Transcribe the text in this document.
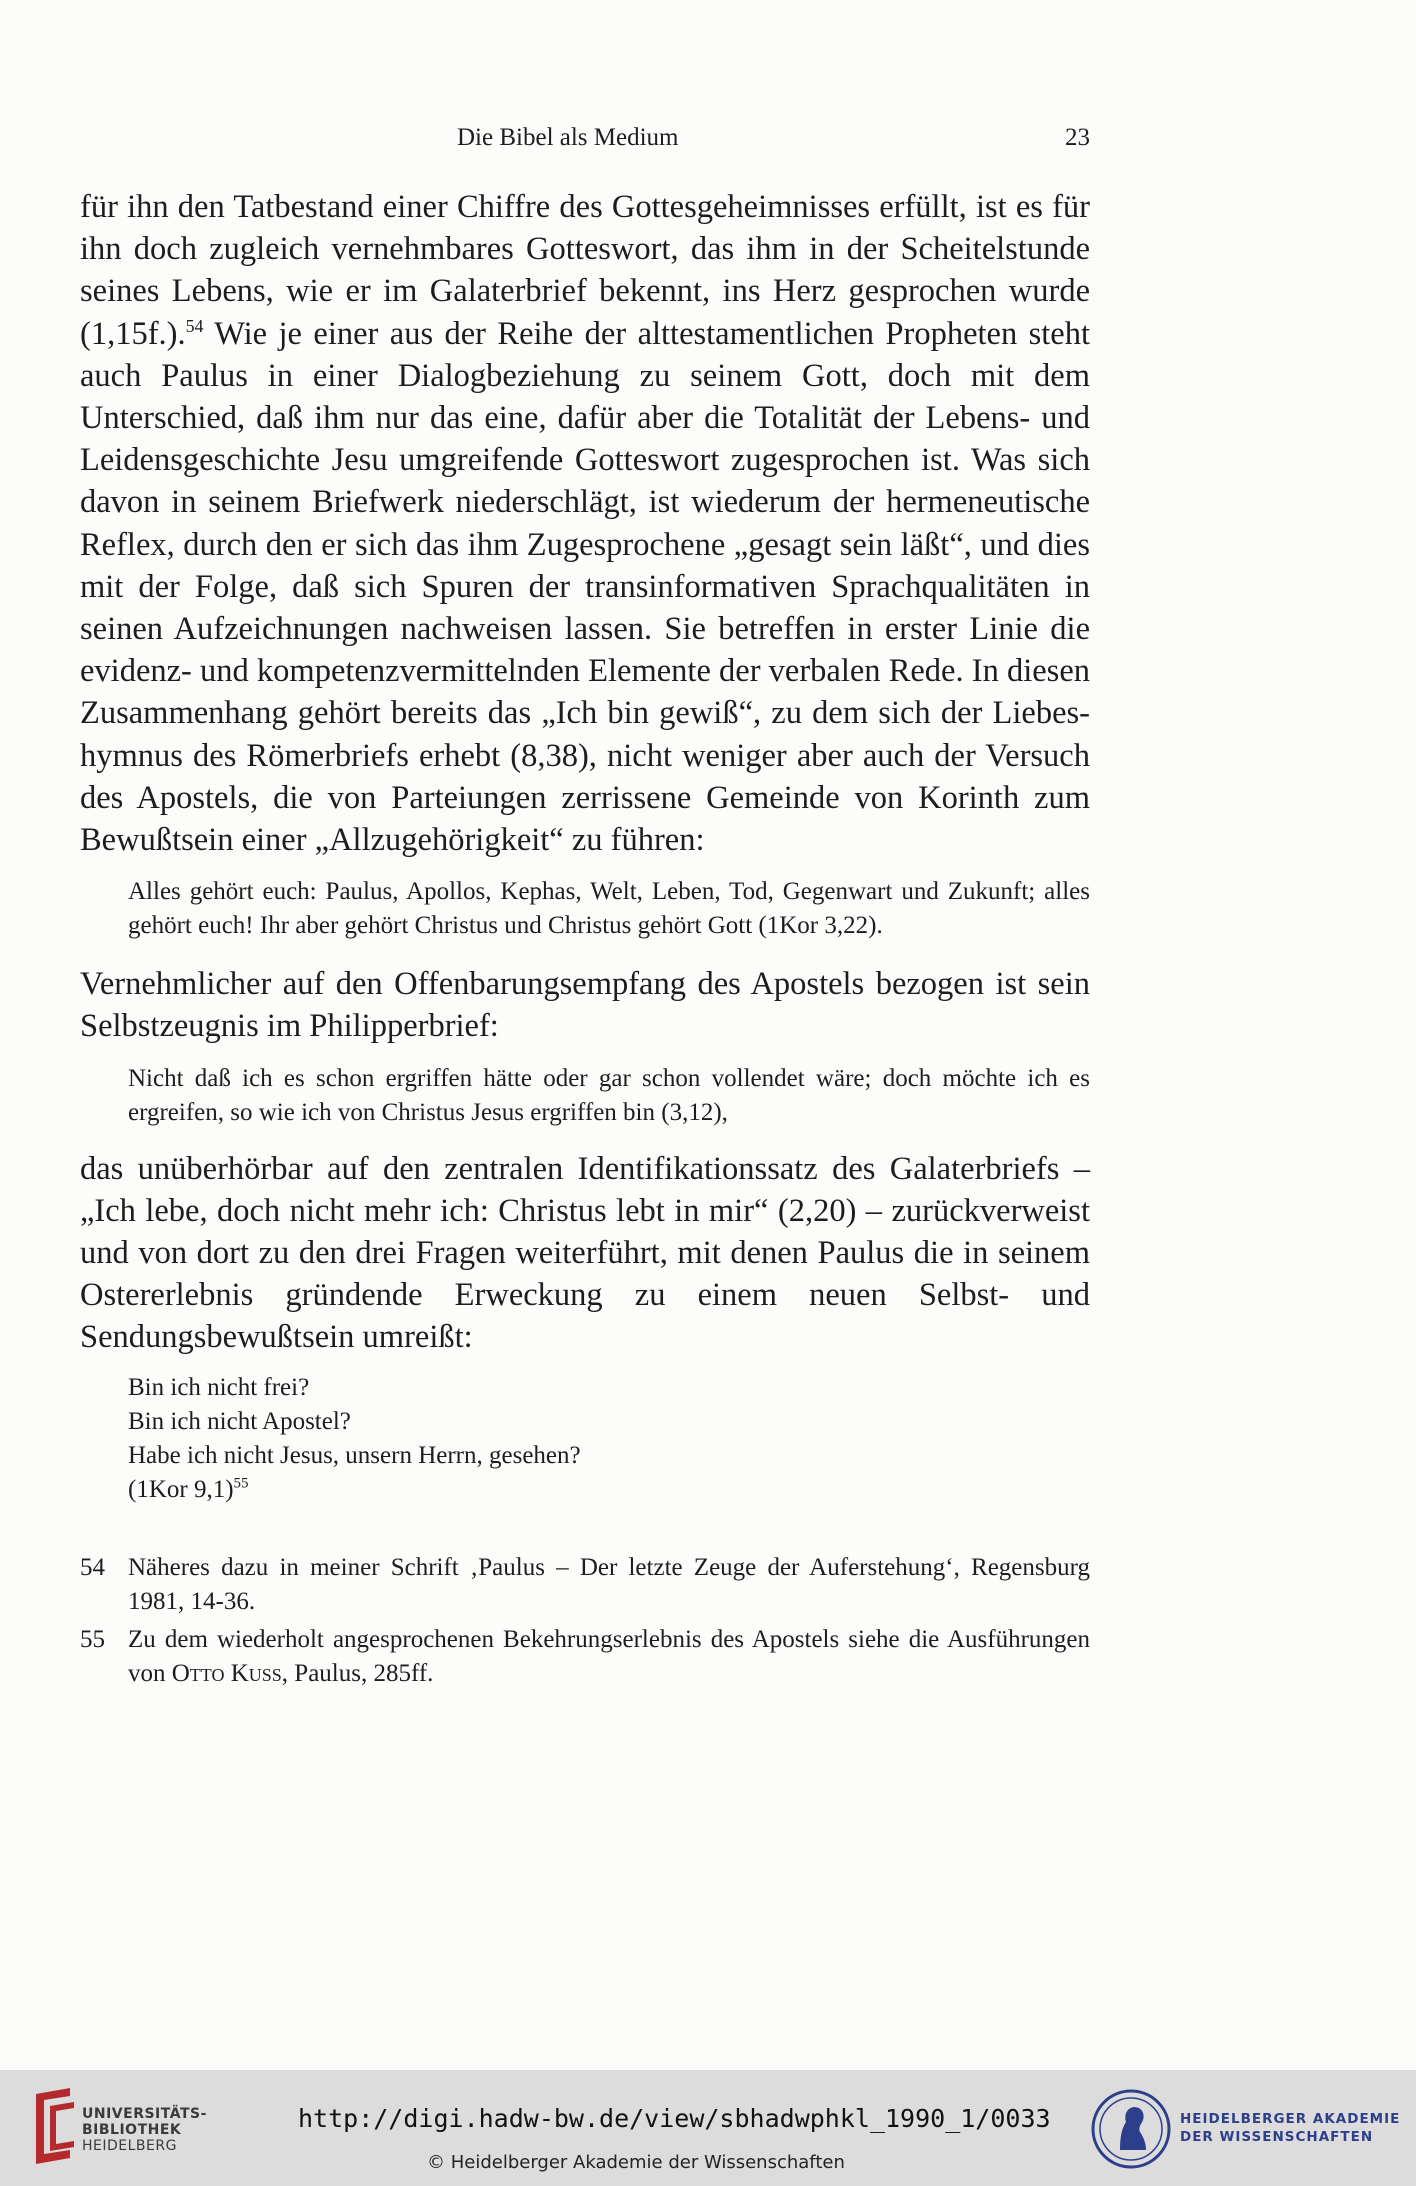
Die Bibel als Medium	23

für ihn den Tatbestand einer Chiffre des Gottesgeheimnisses erfüllt, ist es für ihn doch zugleich vernehmbares Gotteswort, das ihm in der Scheitelstunde seines Lebens, wie er im Galaterbrief bekennt, ins Herz gesprochen wurde (1,15f.).$^{54}$ Wie je einer aus der Reihe der alttestamentlichen Propheten steht auch Paulus in einer Dialogbeziehung zu seinem Gott, doch mit dem Unterschied, daß ihm nur das eine, dafür aber die Totalität der Lebens- und Leidensgeschichte Jesu umgreifende Gotteswort zugesprochen ist. Was sich davon in seinem Briefwerk niederschlägt, ist wiederum der hermeneutische Reflex, durch den er sich das ihm Zugesprochene „gesagt sein läßt“, und dies mit der Folge, daß sich Spuren der transinformativen Sprachqualitäten in seinen Aufzeichnungen nachweisen lassen. Sie betreffen in erster Linie die evidenz- und kompetenzvermittelnden Elemente der verbalen Rede. In diesen Zusammenhang gehört bereits das „Ich bin gewiß“, zu dem sich der Liebeshymnus des Römerbriefs erhebt (8,38), nicht weniger aber auch der Versuch des Apostels, die von Parteiungen zerrissene Gemeinde von Korinth zum Bewußtsein einer „Allzugehörigkeit“ zu führen:

Alles gehört euch: Paulus, Apollos, Kephas, Welt, Leben, Tod, Gegenwart und Zukunft; alles gehört euch! Ihr aber gehört Christus und Christus gehört Gott (1Kor 3,22).

Vernehmlicher auf den Offenbarungsempfang des Apostels bezogen ist sein Selbstzeugnis im Philipperbrief:

Nicht daß ich es schon ergriffen hätte oder gar schon vollendet wäre; doch möchte ich es ergreifen, so wie ich von Christus Jesus ergriffen bin (3,12),

das unüberhörbar auf den zentralen Identifikationssatz des Galaterbriefs – „Ich lebe, doch nicht mehr ich: Christus lebt in mir“ (2,20) – zurückverweist und von dort zu den drei Fragen weiterführt, mit denen Paulus die in seinem Ostererlebnis gründende Erweckung zu einem neuen Selbst- und Sendungsbewußtsein umreißt:

Bin ich nicht frei?
Bin ich nicht Apostel?
Habe ich nicht Jesus, unsern Herrn, gesehen?
(1Kor 9,1)$^{55}$
54 Näheres dazu in meiner Schrift ‚Paulus – Der letzte Zeuge der Auferstehung‘, Regensburg 1981, 14-36.
55 Zu dem wiederholt angesprochenen Bekehrungserlebnis des Apostels siehe die Ausführungen von Otto Kuss, Paulus, 285ff.
UNIVERSITÄTS-
BIBLIOTHEK
HEIDELBERG
http://digi.hadw-bw.de/view/sbhadwphkl_1990_1/0033
© Heidelberger Akademie der Wissenschaften
HEIDELBERGER AKADEMIE
DER WISSENSCHAFTEN
